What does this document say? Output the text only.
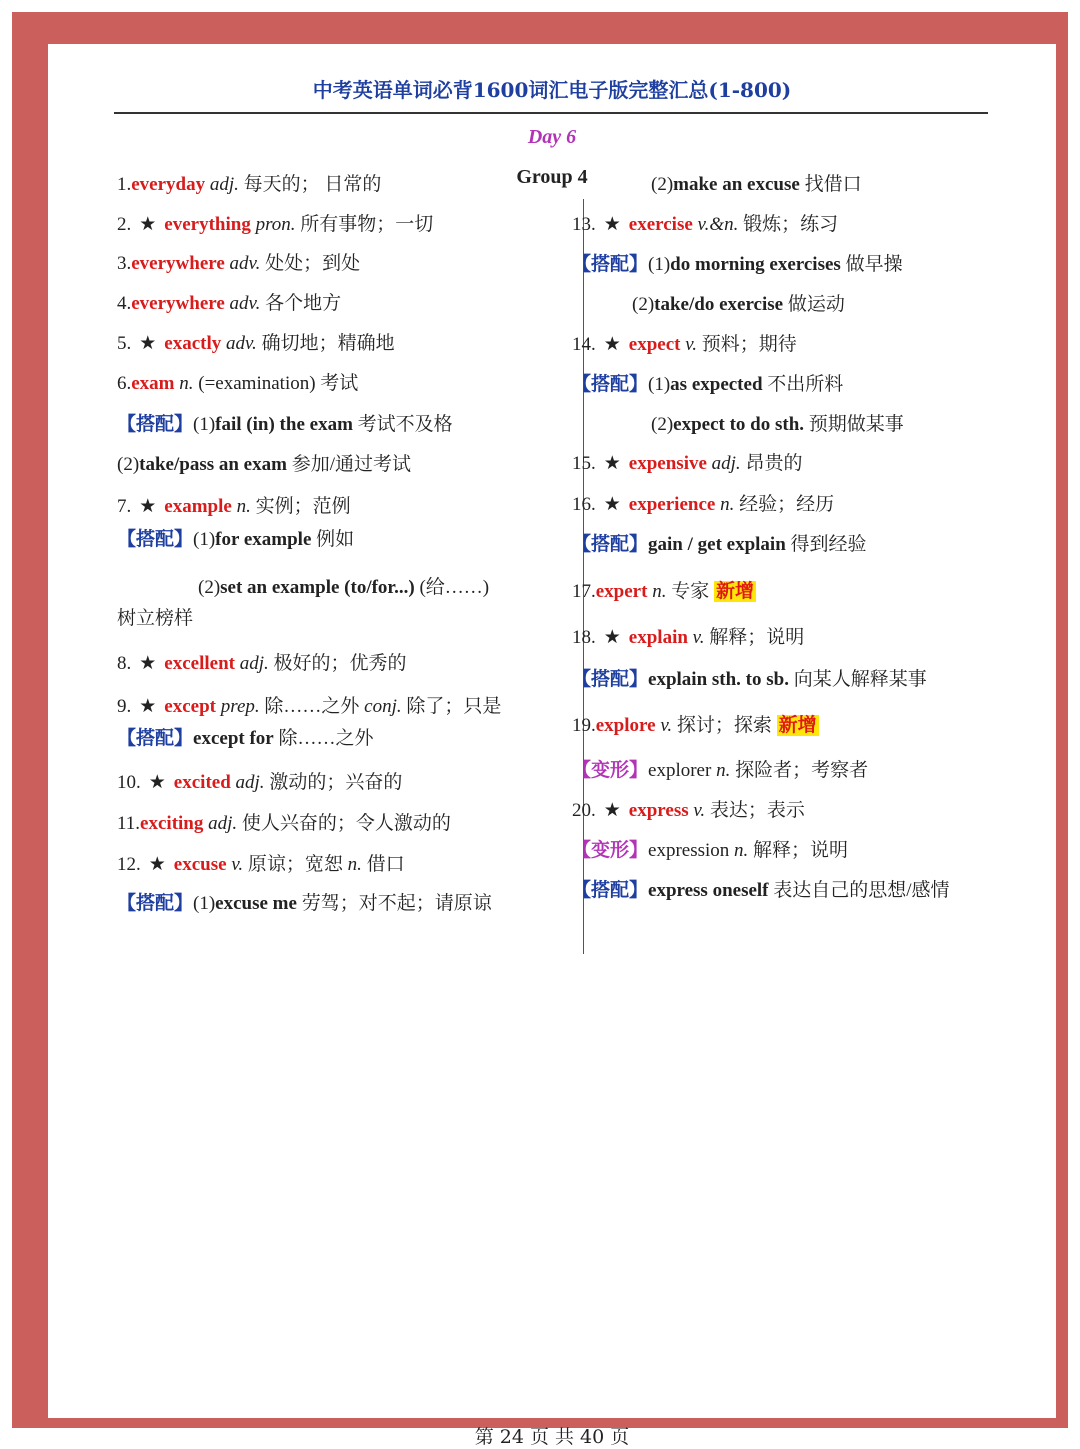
中考英语单词必背1600词汇电子版完整汇总(1-800)
Day 6
Group 4
1.everyday adj. 每天的； 日常的
2. ★ everything pron. 所有事物；一切
3.everywhere adv. 处处；到处
4.everywhere adv. 各个地方
5. ★ exactly adv. 确切地；精确地
6.exam n. (=examination) 考试
【搭配】(1)fail (in) the exam 考试不及格
(2)take/pass an exam 参加/通过考试
7. ★ example n. 实例；范例
【搭配】(1)for example 例如
(2)set an example (to/for...) (给……)
树立榜样
8. ★ excellent adj. 极好的；优秀的
9. ★ except prep. 除……之外 conj. 除了；只是
【搭配】except for 除……之外
10. ★ excited adj. 激动的；兴奋的
11.exciting adj. 使人兴奋的；令人激动的
12. ★ excuse v. 原谅；宽恕 n. 借口
【搭配】(1)excuse me 劳驾；对不起；请原谅
(2)make an excuse 找借口
13. ★ exercise v.&n. 锻炼；练习
【搭配】(1)do morning exercises 做早操
(2)take/do exercise 做运动
14. ★ expect v. 预料；期待
【搭配】(1)as expected 不出所料
(2)expect to do sth. 预期做某事
15. ★ expensive adj. 昂贵的
16. ★ experience n. 经验；经历
【搭配】gain / get explain 得到经验
17.expert n. 专家 新增
18. ★ explain v. 解释；说明
【搭配】explain sth. to sb. 向某人解释某事
19.explore v. 探讨；探索 新增
【变形】explorer n. 探险者；考察者
20. ★ express v. 表达；表示
【变形】expression n. 解释；说明
【搭配】express oneself 表达自己的思想/感情
第 24 页 共 40 页
